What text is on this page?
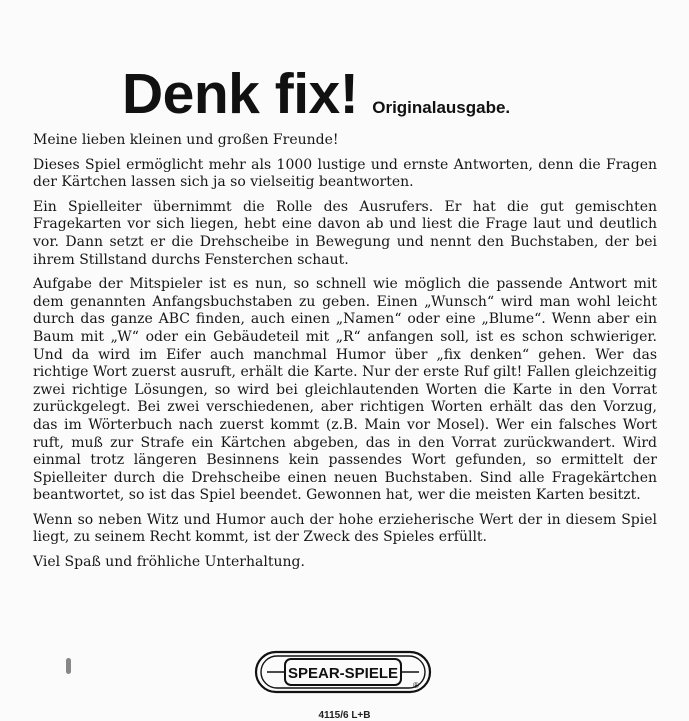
Denk fix! Originalausgabe.

Meine lieben kleinen und großen Freunde!

Dieses Spiel ermöglicht mehr als 1000 lustige und ernste Antworten, denn die Fragen der Kärtchen lassen sich ja so vielseitig beantworten.

Ein Spielleiter übernimmt die Rolle des Ausrufers. Er hat die gut gemischten Fragekarten vor sich liegen, hebt eine davon ab und liest die Frage laut und deutlich vor. Dann setzt er die Drehscheibe in Bewegung und nennt den Buchstaben, der bei ihrem Stillstand durchs Fensterchen schaut.

Aufgabe der Mitspieler ist es nun, so schnell wie möglich die passende Antwort mit dem genannten Anfangsbuchstaben zu geben. Einen „Wunsch“ wird man wohl leicht durch das ganze ABC finden, auch einen „Namen“ oder eine „Blume“. Wenn aber ein Baum mit „W“ oder ein Gebäudeteil mit „R“ anfangen soll, ist es schon schwieriger. Und da wird im Eifer auch manchmal Humor über „fix denken“ gehen. Wer das richtige Wort zuerst ausruft, erhält die Karte. Nur der erste Ruf gilt! Fallen gleichzeitig zwei richtige Lösungen, so wird bei gleichlautenden Worten die Karte in den Vorrat zurückgelegt. Bei zwei verschiedenen, aber richtigen Worten erhält das den Vorzug, das im Wörterbuch nach zuerst kommt (z.B. Main vor Mosel). Wer ein falsches Wort ruft, muß zur Strafe ein Kärtchen abgeben, das in den Vorrat zurückwandert. Wird einmal trotz längeren Besinnens kein passendes Wort gefunden, so ermittelt der Spielleiter durch die Drehscheibe einen neuen Buchstaben. Sind alle Fragekärtchen beantwortet, so ist das Spiel beendet. Gewonnen hat, wer die meisten Karten besitzt.

Wenn so neben Witz und Humor auch der hohe erzieherische Wert der in diesem Spiel liegt, zu seinem Recht kommt, ist der Zweck des Spieles erfüllt.

Viel Spaß und fröhliche Unterhaltung.

SPEAR-SPIELE
®
4115/6 L+B
